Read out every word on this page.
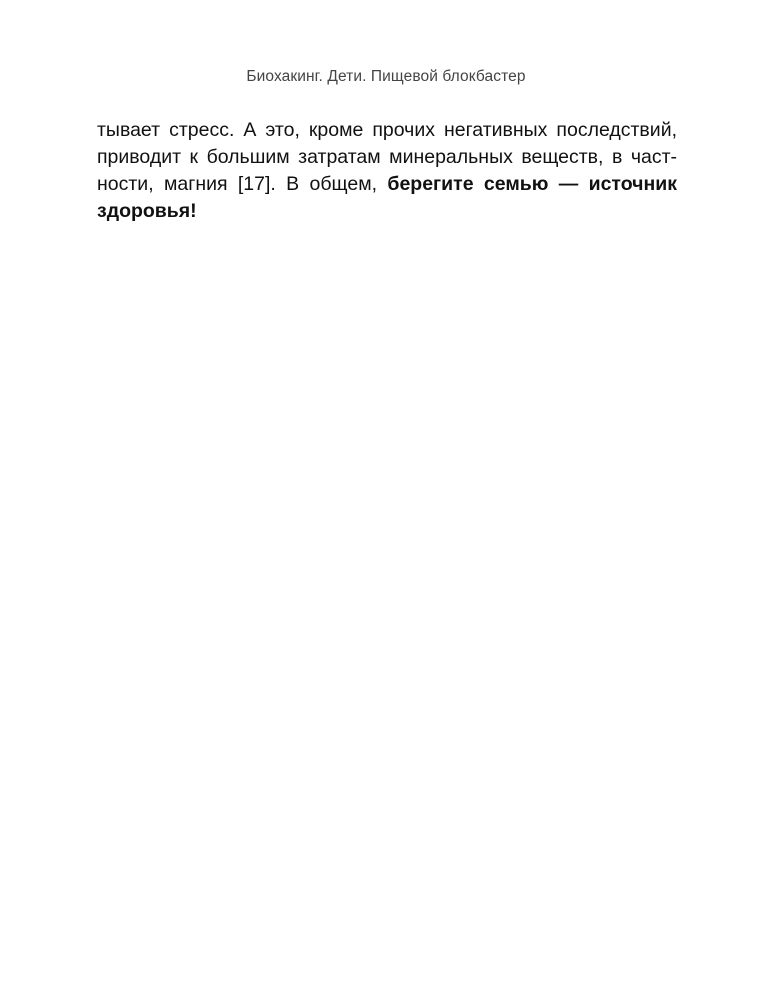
Биохакинг. Дети. Пищевой блокбастер
тывает стресс. А это, кроме прочих негативных последствий,
приводит к большим затратам минеральных веществ, в част-
ности, магния [17]. В общем, берегите семью — источник
здоровья!
